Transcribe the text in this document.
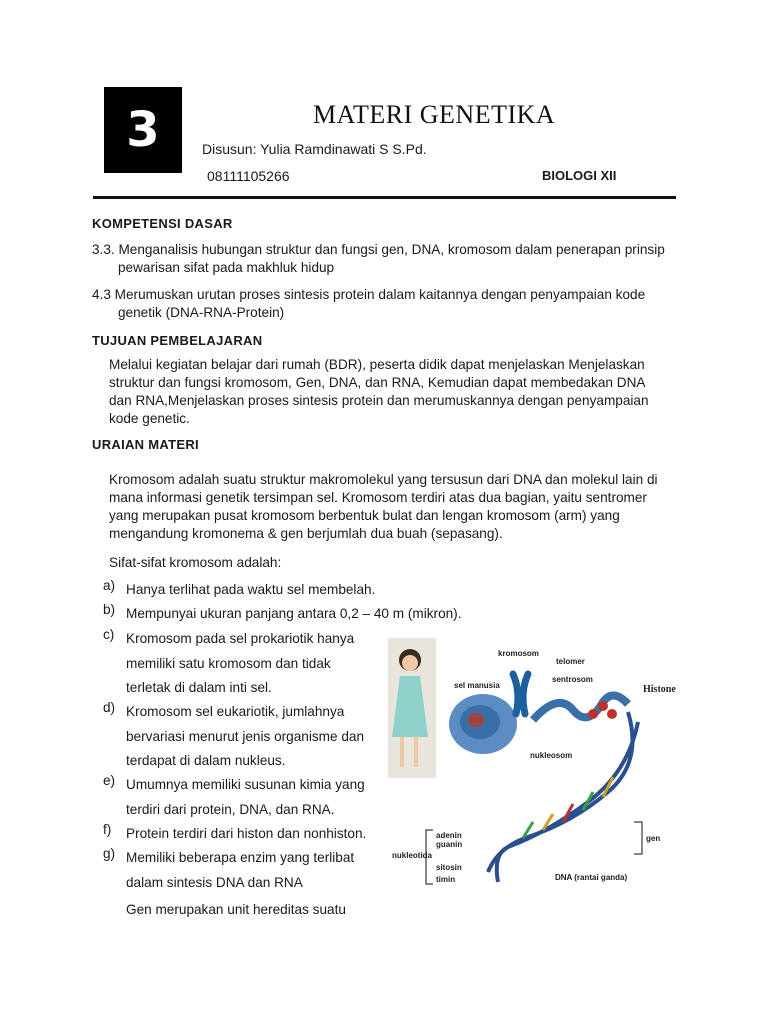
3	MATERI GENETIKA
Disusun: Yulia Ramdinawati S S.Pd.
08111105266	BIOLOGI XII
KOMPETENSI DASAR
3.3. Menganalisis hubungan struktur dan fungsi gen, DNA, kromosom dalam penerapan prinsip
pewarisan sifat pada makhluk hidup
4.3 Merumuskan urutan proses sintesis protein dalam kaitannya dengan penyampaian kode
genetik (DNA-RNA-Protein)
TUJUAN PEMBELAJARAN
Melalui kegiatan belajar dari rumah (BDR), peserta didik dapat menjelaskan Menjelaskan struktur dan fungsi kromosom, Gen, DNA, dan RNA, Kemudian dapat membedakan DNA dan RNA,Menjelaskan proses sintesis protein dan merumuskannya dengan penyampaian kode genetic.
URAIAN MATERI
Kromosom adalah suatu struktur makromolekul yang tersusun dari DNA dan molekul lain di mana informasi genetik tersimpan sel. Kromosom terdiri atas dua bagian, yaitu sentromer yang merupakan pusat kromosom berbentuk bulat dan lengan kromosom (arm) yang mengandung kromonema & gen berjumlah dua buah (sepasang).
Sifat-sifat kromosom adalah:
a) Hanya terlihat pada waktu sel membelah.
b) Mempunyai ukuran panjang antara 0,2 – 40 m (mikron).
c) Kromosom pada sel prokariotik hanya memiliki satu kromosom dan tidak terletak di dalam inti sel.
d) Kromosom sel eukariotik, jumlahnya bervariasi menurut jenis organisme dan terdapat di dalam nukleus.
e) Umumnya memiliki susunan kimia yang terdiri dari protein, DNA, dan RNA.
f)	Protein terdiri dari histon dan nonhiston.
g) Memiliki beberapa enzim yang terlibat dalam sintesis DNA dan RNA
Gen merupakan unit hereditas suatu
kromosom
telomer
sel manusia
sentrosom
Histone
nukleosom
adenin
guanin
nukleotida
sitosin
timin
gen
DNA (rantai ganda)
